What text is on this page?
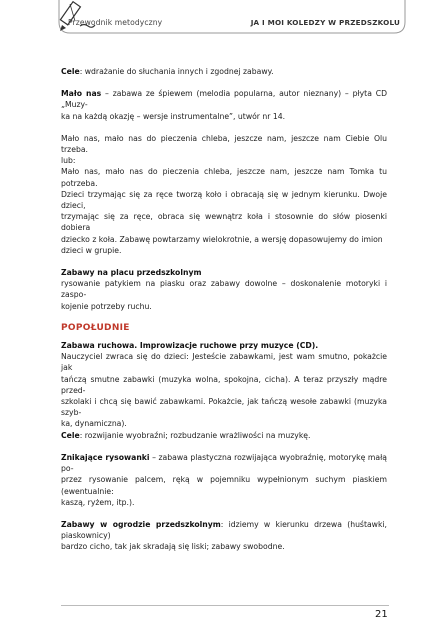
Przewodnik metodyczny	JA I MOI KOLEDZY W PRZEDSZKOLU

Cele: wdrażanie do słuchania innych i zgodnej zabawy.

Mało nas – zabawa ze śpiewem (melodia popularna, autor nieznany) – płyta CD „Muzy-
ka na każdą okazję – wersje instrumentalne”, utwór nr 14.

Mało nas, mało nas do pieczenia chleba, jeszcze nam, jeszcze nam Ciebie Olu trzeba.
lub:
Mało nas, mało nas do pieczenia chleba, jeszcze nam, jeszcze nam Tomka tu potrzeba.
Dzieci trzymając się za ręce tworzą koło i obracają się w jednym kierunku. Dwoje dzieci,
trzymając się za ręce, obraca się wewnątrz koła i stosownie do słów piosenki dobiera
dziecko z koła. Zabawę powtarzamy wielokrotnie, a wersję dopasowujemy do imion
dzieci w grupie.

Zabawy na placu przedszkolnym
rysowanie patykiem na piasku oraz zabawy dowolne – doskonalenie motoryki i zaspo-
kojenie potrzeby ruchu.

POPOŁUDNIE

Zabawa ruchowa. Improwizacje ruchowe przy muzyce (CD).
Nauczyciel zwraca się do dzieci: Jesteście zabawkami, jest wam smutno, pokażcie jak
tańczą smutne zabawki (muzyka wolna, spokojna, cicha). A teraz przyszły mądre przed-
szkolaki i chcą się bawić zabawkami. Pokażcie, jak tańczą wesołe zabawki (muzyka szyb-
ka, dynamiczna).
Cele: rozwijanie wyobraźni; rozbudzanie wrażliwości na muzykę.

Znikające rysowanki – zabawa plastyczna rozwijająca wyobraźnię, motorykę małą po-
przez rysowanie palcem, ręką w pojemniku wypełnionym suchym piaskiem (ewentualnie:
kaszą, ryżem, itp.).

Zabawy w ogrodzie przedszkolnym: idziemy w kierunku drzewa (huśtawki, piaskownicy)
bardzo cicho, tak jak skradają się liski; zabawy swobodne.

21
